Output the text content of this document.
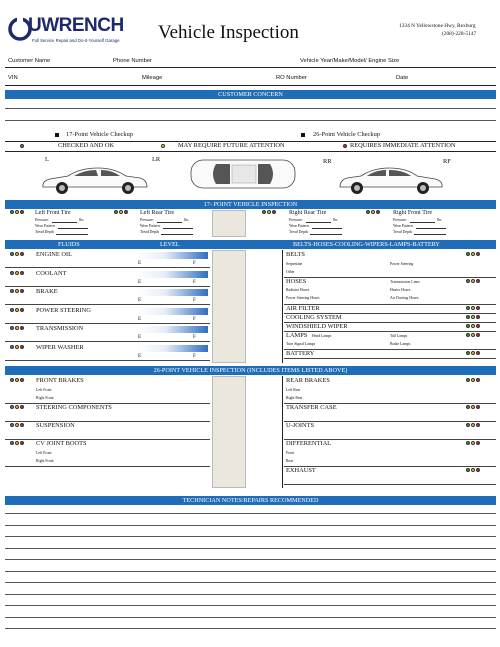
UWRENCH
Full Service Repair and Do-It-Yourself Garage Vehicle Inspection	1334 N Yellowstone Hwy, Rexburg
(208)-228-5147
Customer Name	Phone Number	Vehicle Year/Make/Model/ Engine Size
VIN	Mileage	RO Number	Date
CUSTOMER CONCERN
17-Point Vehicle Checkup	26-Point Vehicle Checkup
CHECKED AND OK	MAY REQUIRE FUTURE ATTENTION	REQUIRES IMMEDIATE ATTENTION
L	LR	RR	RF
17- POINT VEHICLE INSPECTION
Left Front Tire
Pressure:	lbs
Wear Pattern
Tread Depth
Left Rear Tire
Pressure:	lbs
Wear Pattern
Tread Depth
Right Rear Tire
Pressure:	lbs
Wear Pattern
Tread Depth
Right Front Tire
Pressure:	lbs
Wear Pattern
Tread Depth
FLUIDS	LEVEL	BELTS-HOSES-COOLING-WIPERS-LAMPS-BATTERY
ENGINE OIL
E	F
COOLANT
E	F
BRAKE
E	F
POWER STEERING
E	F
TRANSMISSION
E	F
WIPER WASHER
E	F
BELTS
Serpentine	Power Steering
Other
HOSES	Transmission Lines
Radiator Hoses	Heater Hoses
Power Steering Hoses	Air Ducting Hoses
AIR FILTER
COOLING SYSTEM
WINDSHIELD WIPER
LAMPS Head Lamps	Tail Lamps
Turn Signal Lamps	Brake Lamps
BATTERY
26-POINT VEHICLE INSPECTION (INCLUDES ITEMS LISTED ABOVE)
FRONT BRAKES
Left Front
Right Front
STEERING COMPONENTS
SUSPENSION
CV JOINT BOOTS
Left Front
Right Front
REAR BRAKES
Left Rear
Right Rear
TRANSFER CASE
U-JOINTS
DIFFERENTIAL
Front
Rear
EXHAUST
TECHNICIAN NOTES/REPAIRS RECOMMENDED
